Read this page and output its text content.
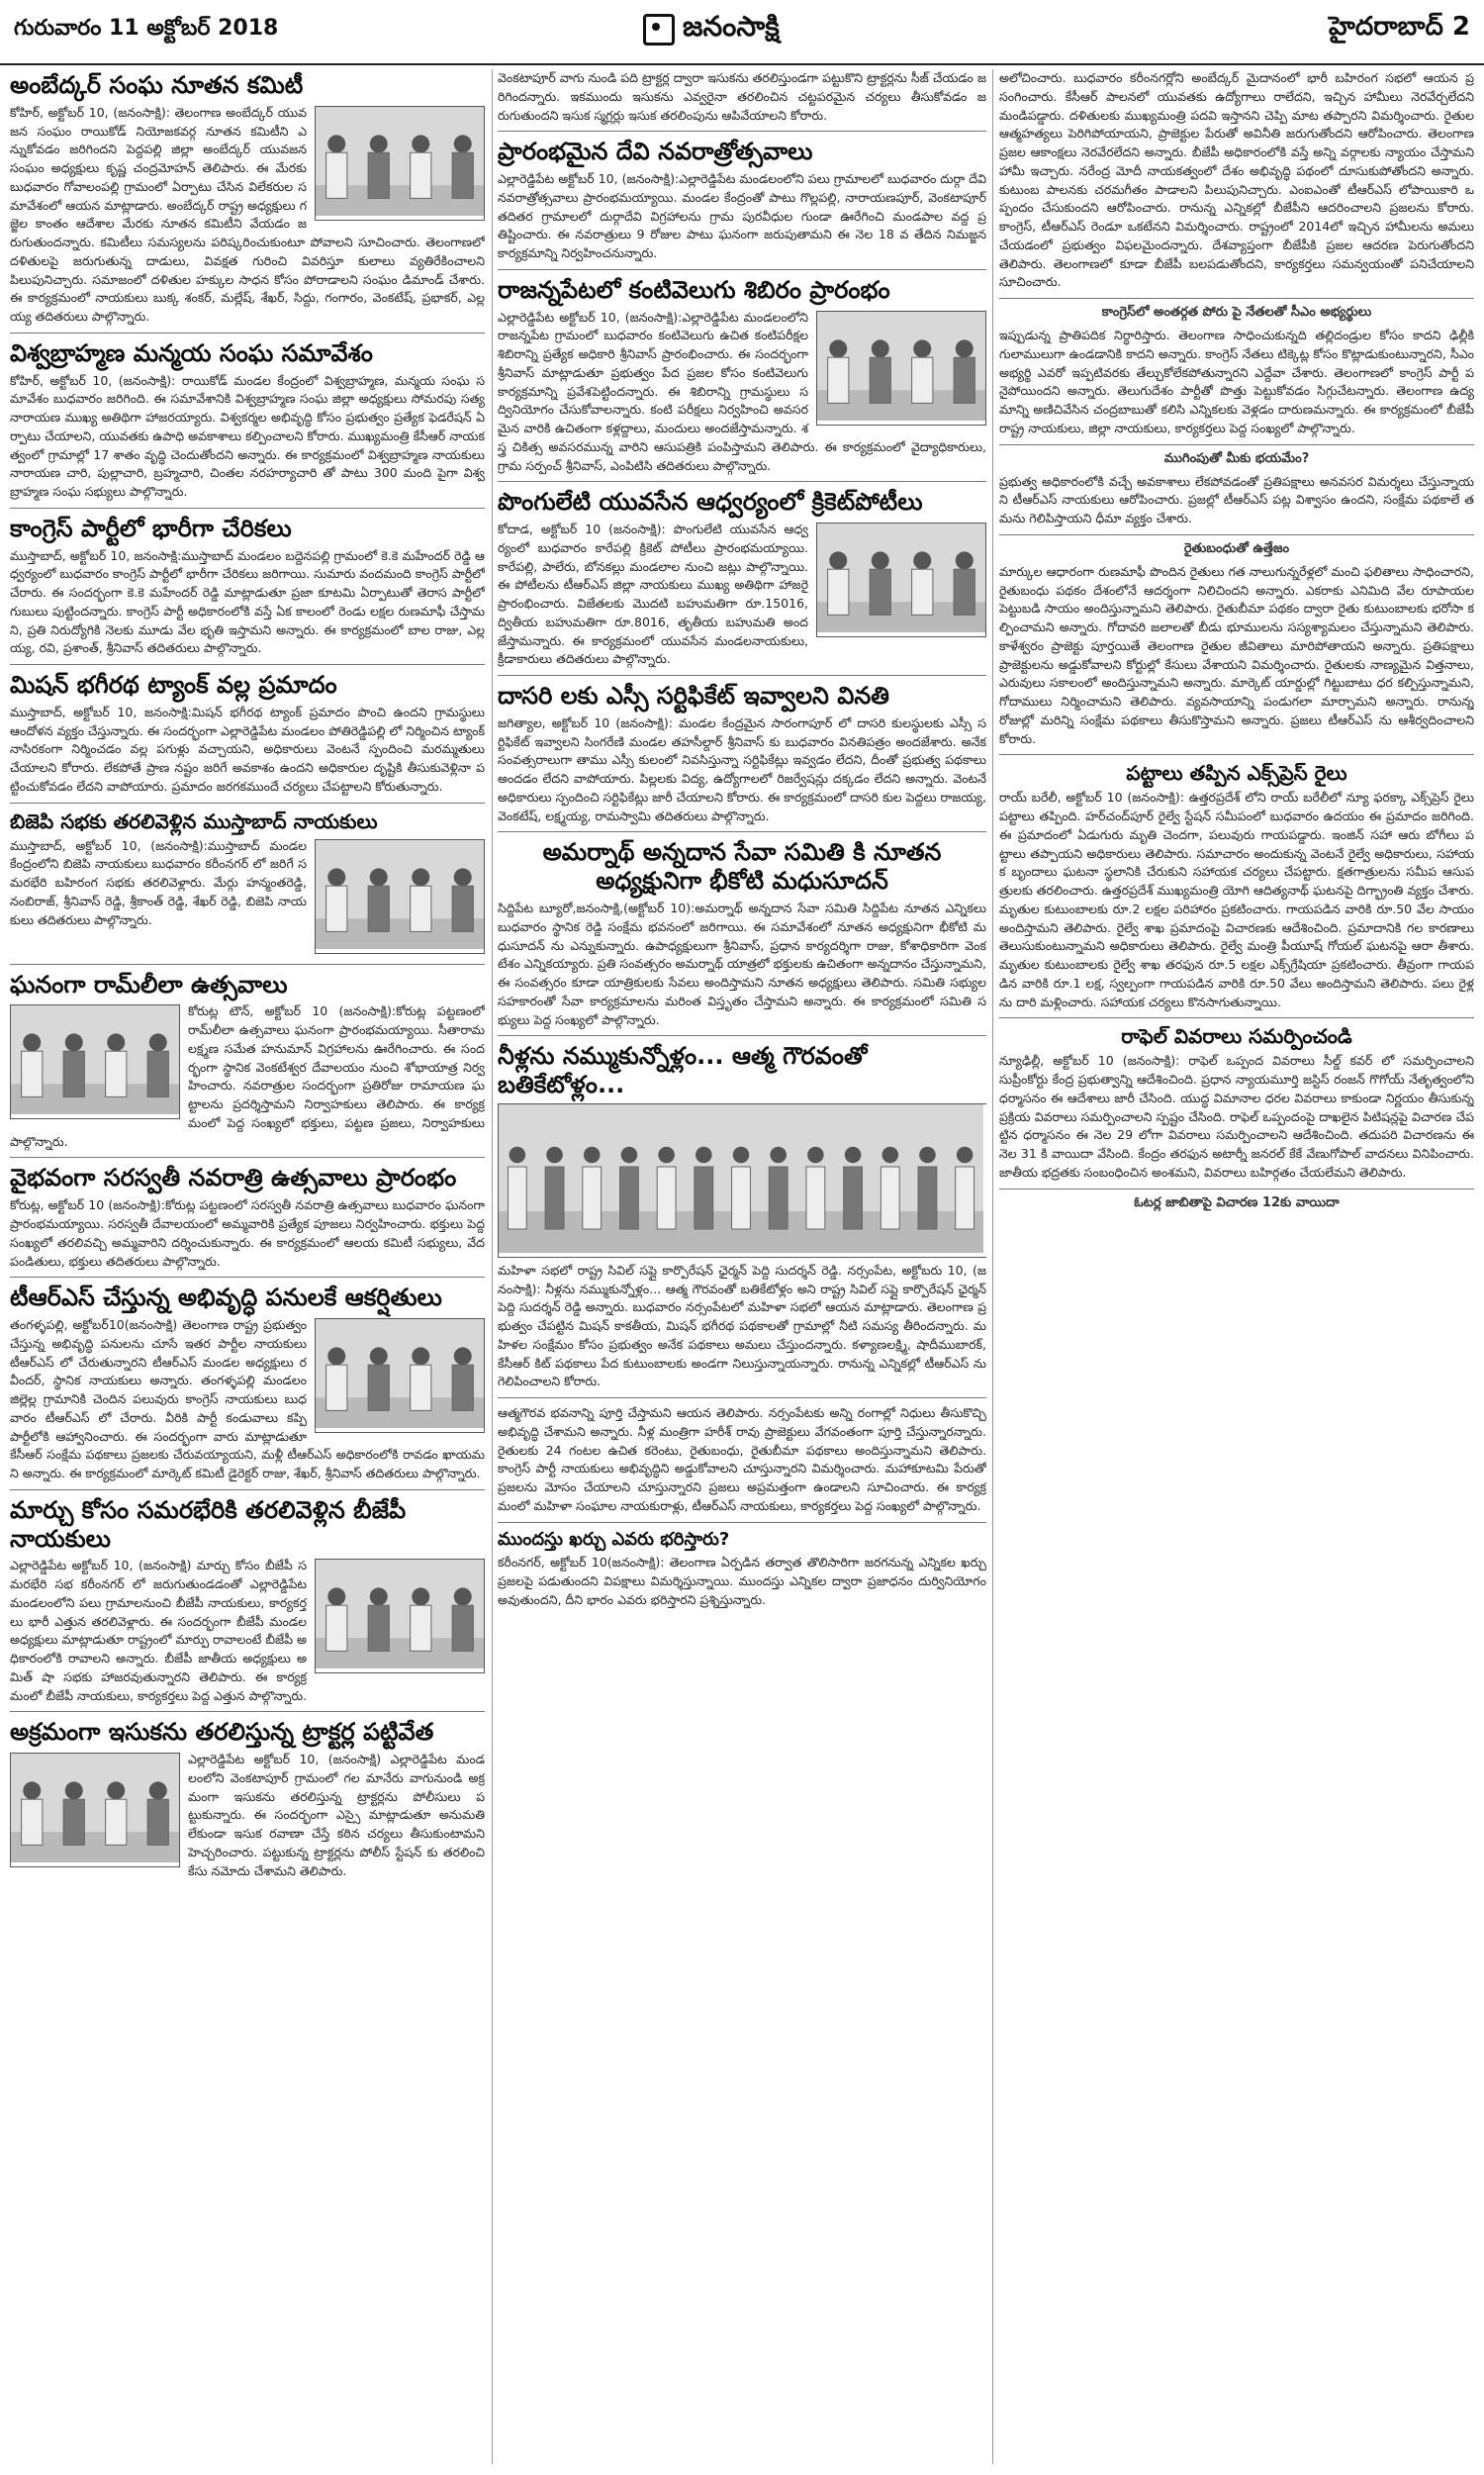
గురువారం 11 అక్టోబర్ 2018	జనంసాక్షి	హైదరాబాద్ 2
అంబేద్కర్ సంఘ నూతన కమిటీ
కోహిర్, అక్టోబర్ 10, (జనంసాక్షి): తెలంగాణ అంబేద్కర్ యువజన సంఘం రాయికోడ్ నియోజకవర్గ నూతన కమిటీని ఎన్నుకోవడం జరిగిందని పెద్దపల్లి జిల్లా అంబేద్కర్ యువజన సంఘం అధ్యక్షులు కృష్ణ చంద్రమోహన్ తెలిపారు. ఈ మేరకు బుధవారం గోవాలంపల్లి గ్రామంలో ఏర్పాటు చేసిన విలేకరుల సమావేశంలో ఆయన మాట్లాడారు. అంబేద్కర్ రాష్ట్ర అధ్యక్షులు గజ్జెల కాంతం ఆదేశాల మేరకు నూతన కమిటీని వేయడం జరుగుతుందన్నారు. కమిటీలు సమస్యలను పరిష్కరించుకుంటూ పోవాలని సూచించారు. తెలంగాణలో దళితులపై జరుగుతున్న దాడులు, వివక్షత గురించి వివరిస్తూ కులాలు వ్యతిరేకించాలని పిలుపునిచ్చారు. సమాజంలో దళితుల హక్కుల సాధన కోసం పోరాడాలని సంఘం డిమాండ్ చేశారు. ఈ కార్యక్రమంలో నాయకులు బుక్క శంకర్, మల్లేష్, శేఖర్, సిద్దు, గంగారం, వెంకటేష్, ప్రభాకర్, ఎల్లయ్య తదితరులు పాల్గొన్నారు.
విశ్వబ్రాహ్మణ మన్మయ సంఘ సమావేశం
కోహిర్, అక్టోబర్ 10, (జనంసాక్షి): రాయికోడ్ మండల కేంద్రంలో విశ్వబ్రాహ్మణ, మన్మయ సంఘ సమావేశం బుధవారం జరిగింది. ఈ సమావేశానికి విశ్వబ్రాహ్మణ సంఘ జిల్లా అధ్యక్షులు సోమరపు సత్యనారాయణ ముఖ్య అతిథిగా హాజరయ్యారు. విశ్వకర్మల అభివృద్ధి కోసం ప్రభుత్వం ప్రత్యేక ఫెడరేషన్ ఏర్పాటు చేయాలని, యువతకు ఉపాధి అవకాశాలు కల్పించాలని కోరారు. ముఖ్యమంత్రి కేసీఆర్ నాయకత్వంలో గ్రామాల్లో 17 శాతం వృద్ధి చెందుతోందని అన్నారు. ఈ కార్యక్రమంలో విశ్వబ్రాహ్మణ నాయకులు నారాయణ చారి, పుల్లాచారి, బ్రహ్మచారి, చింతల నరహర్యాచారి తో పాటు 300 మంది పైగా విశ్వబ్రాహ్మణ సంఘ సభ్యులు పాల్గొన్నారు.
కాంగ్రెస్ పార్టీలో భారీగా చేరికలు
ముస్తాబాద్, అక్టోబర్ 10, జనంసాక్షి:ముస్తాబాద్ మండలం బద్దెనపల్లి గ్రామంలో కె.కె మహేందర్ రెడ్డి ఆధ్వర్యంలో బుధవారం కాంగ్రెస్ పార్టీలో భారీగా చేరికలు జరిగాయి. సుమారు వందమంది కాంగ్రెస్ పార్టీలో చేరారు. ఈ సందర్భంగా కె.కె మహేందర్ రెడ్డి మాట్లాడుతూ ప్రజా కూటమి ఏర్పాటుతో తెరాస పార్టీలో గుబులు పుట్టిందన్నారు. కాంగ్రెస్ పార్టీ అధికారంలోకి వస్తే ఏక కాలంలో రెండు లక్షల రుణమాఫీ చేస్తామని, ప్రతి నిరుద్యోగికి నెలకు మూడు వేల భృతి ఇస్తామని అన్నారు. ఈ కార్యక్రమంలో బాల రాజు, ఎల్లయ్య, రవి, ప్రశాంత్, శ్రీనివాస్ తదితరులు పాల్గొన్నారు.
మిషన్ భగీరథ ట్యాంక్ వల్ల ప్రమాదం
ముస్తాబాద్, అక్టోబర్ 10, జనంసాక్షి:మిషన్ భగీరథ ట్యాంక్ ప్రమాదం పొంచి ఉందని గ్రామస్థులు ఆందోళన వ్యక్తం చేస్తున్నారు. ఈ సందర్భంగా ఎల్లారెడ్డిపేట మండలం పోతిరెడ్డిపల్లి లో నిర్మించిన ట్యాంక్ నాసిరకంగా నిర్మించడం వల్ల పగుళ్లు వచ్చాయని, అధికారులు వెంటనే స్పందించి మరమ్మతులు చేయాలని కోరారు. లేకపోతే ప్రాణ నష్టం జరిగే అవకాశం ఉందని అధికారుల దృష్టికి తీసుకువెళ్లినా పట్టించుకోవడం లేదని వాపోయారు. ప్రమాదం జరగకముందే చర్యలు చేపట్టాలని కోరుతున్నారు.
బిజెపి సభకు తరలివెళ్లిన ముస్తాబాద్ నాయకులు
ముస్తాబాద్, అక్టోబర్ 10, (జనంసాక్షి):ముస్తాబాద్ మండల కేంద్రంలోని బిజెపి నాయకులు బుధవారం కరీంనగర్ లో జరిగే సమరభేరి బహిరంగ సభకు తరలివెళ్లారు. మేర్గు హన్మంతరెడ్డి, నంబిరాజ్, శ్రీనివాస్ రెడ్డి, శ్రీకాంత్ రెడ్డి, శేఖర్ రెడ్డి, బిజెపి నాయకులు తదితరులు పాల్గొన్నారు.
ఘనంగా రామ్‌లీలా ఉత్సవాలు
కోరుట్ల టౌన్, అక్టోబర్ 10 (జనంసాక్షి):కోరుట్ల పట్టణంలో రామ్‌లీలా ఉత్సవాలు ఘనంగా ప్రారంభమయ్యాయి. సీతారామ లక్ష్మణ సమేత హనుమాన్ విగ్రహాలను ఊరేగించారు. ఈ సందర్భంగా స్థానిక వెంకటేశ్వర దేవాలయం నుంచి శోభాయాత్ర నిర్వహించారు. నవరాత్రుల సందర్భంగా ప్రతిరోజు రామాయణ ఘట్టాలను ప్రదర్శిస్తామని నిర్వాహకులు తెలిపారు. ఈ కార్యక్రమంలో పెద్ద సంఖ్యలో భక్తులు, పట్టణ ప్రజలు, నిర్వాహకులు పాల్గొన్నారు.
వైభవంగా సరస్వతీ నవరాత్రి ఉత్సవాలు ప్రారంభం
కోరుట్ల, అక్టోబర్ 10 (జనంసాక్షి):కోరుట్ల పట్టణంలో సరస్వతీ నవరాత్రి ఉత్సవాలు బుధవారం ఘనంగా ప్రారంభమయ్యాయి. సరస్వతీ దేవాలయంలో అమ్మవారికి ప్రత్యేక పూజలు నిర్వహించారు. భక్తులు పెద్ద సంఖ్యలో తరలివచ్చి అమ్మవారిని దర్శించుకున్నారు. ఈ కార్యక్రమంలో ఆలయ కమిటీ సభ్యులు, వేద పండితులు, భక్తులు తదితరులు పాల్గొన్నారు.
టీఆర్ఎస్ చేస్తున్న అభివృద్ధి పనులకే ఆకర్షితులు
తంగళ్ళపల్లి, అక్టోబర్10(జనంసాక్షి) తెలంగాణ రాష్ట్ర ప్రభుత్వం చేస్తున్న అభివృద్ధి పనులను చూసే ఇతర పార్టీల నాయకులు టీఆర్ఎస్ లో చేరుతున్నారని టీఆర్ఎస్ మండల అధ్యక్షులు రవీందర్, స్థానిక నాయకులు అన్నారు. తంగళ్ళపల్లి మండలం జిల్లెల్ల గ్రామానికి చెందిన పలువురు కాంగ్రెస్ నాయకులు బుధవారం టీఆర్ఎస్ లో చేరారు. వీరికి పార్టీ కండువాలు కప్పి పార్టీలోకి ఆహ్వానించారు. ఈ సందర్భంగా వారు మాట్లాడుతూ కేసీఆర్ సంక్షేమ పథకాలు ప్రజలకు చేరువయ్యాయని, మళ్లీ టీఆర్ఎస్ అధికారంలోకి రావడం ఖాయమని అన్నారు. ఈ కార్యక్రమంలో మార్కెట్ కమిటీ డైరెక్టర్ రాజు, శేఖర్, శ్రీనివాస్ తదితరులు పాల్గొన్నారు.
మార్చు కోసం సమరభేరికి తరలివెళ్లిన బీజేపీ నాయకులు
ఎల్లారెడ్డిపేట అక్టోబర్ 10, (జనంసాక్షి) మార్చు కోసం బీజేపీ సమరభేరి సభ కరీంనగర్ లో జరుగుతుండడంతో ఎల్లారెడ్డిపేట మండలంలోని పలు గ్రామాలనుంచి బీజేపీ నాయకులు, కార్యకర్తలు భారీ ఎత్తున తరలివెళ్లారు. ఈ సందర్భంగా బీజేపీ మండల అధ్యక్షులు మాట్లాడుతూ రాష్ట్రంలో మార్పు రావాలంటే బీజేపీ అధికారంలోకి రావాలని అన్నారు. బీజేపీ జాతీయ అధ్యక్షులు అమిత్ షా సభకు హాజరవుతున్నారని తెలిపారు. ఈ కార్యక్రమంలో బీజేపీ నాయకులు, కార్యకర్తలు పెద్ద ఎత్తున పాల్గొన్నారు.
అక్రమంగా ఇసుకను తరలిస్తున్న ట్రాక్టర్ల పట్టివేత
ఎల్లారెడ్డిపేట అక్టోబర్ 10, (జనంసాక్షి) ఎల్లారెడ్డిపేట మండలంలోని వెంకటాపూర్ గ్రామంలో గల మానేరు వాగునుండి అక్రమంగా ఇసుకను తరలిస్తున్న ట్రాక్టర్లను పోలీసులు పట్టుకున్నారు. ఈ సందర్భంగా ఎస్సై మాట్లాడుతూ అనుమతి లేకుండా ఇసుక రవాణా చేస్తే కఠిన చర్యలు తీసుకుంటామని హెచ్చరించారు. పట్టుకున్న ట్రాక్టర్లను పోలీస్ స్టేషన్ కు తరలించి కేసు నమోదు చేశామని తెలిపారు.
వెంకటాపూర్ వాగు నుండి పది ట్రాక్టర్ల ద్వారా ఇసుకను తరలిస్తుండగా పట్టుకొని ట్రాక్టర్లను సీజ్ చేయడం జరిగిందన్నారు. ఇకముందు ఇసుకను ఎవ్వరైనా తరలించిన చట్టపరమైన చర్యలు తీసుకోవడం జరుగుతుందని ఇసుక స్మగ్లర్లు ఇసుక తరలింపును ఆపివేయాలని కోరారు.
ప్రారంభమైన దేవి నవరాత్రోత్సవాలు
ఎల్లారెడ్డిపేట అక్టోబర్ 10, (జనంసాక్షి):ఎల్లారెడ్డిపేట మండలంలోని పలు గ్రామాలలో బుధవారం దుర్గా దేవి నవరాత్రోత్సవాలు ప్రారంభమయ్యాయి. మండల కేంద్రంతో పాటు గొల్లపల్లి, నారాయణపూర్, వెంకటాపూర్ తదితర గ్రామాలలో దుర్గాదేవి విగ్రహాలను గ్రామ పురవీధుల గుండా ఊరేగించి మండపాల వద్ద ప్రతిష్టించారు. ఈ నవరాత్రులు 9 రోజుల పాటు ఘనంగా జరుపుతామని ఈ నెల 18 వ తేదిన నిమజ్జన కార్యక్రమాన్ని నిర్వహించనున్నారు.
రాజన్నపేటలో కంటివెలుగు శిబిరం ప్రారంభం
ఎల్లారెడ్డిపేట అక్టోబర్ 10, (జనంసాక్షి):ఎల్లారెడ్డిపేట మండలంలోని రాజన్నపేట గ్రామంలో బుధవారం కంటివెలుగు ఉచిత కంటిపరీక్షల శిబిరాన్ని ప్రత్యేక అధికారి శ్రీనివాస్ ప్రారంభించారు. ఈ సందర్భంగా శ్రీనివాస్ మాట్లాడుతూ ప్రభుత్వం పేద ప్రజల కోసం కంటివెలుగు కార్యక్రమాన్ని ప్రవేశపెట్టిందన్నారు. ఈ శిబిరాన్ని గ్రామస్థులు సద్వినియోగం చేసుకోవాలన్నారు. కంటి పరీక్షలు నిర్వహించి అవసరమైన వారికి ఉచితంగా కళ్లద్దాలు, మందులు అందజేస్తామన్నారు. శస్త్ర చికిత్స అవసరమున్న వారిని ఆసుపత్రికి పంపిస్తామని తెలిపారు. ఈ కార్యక్రమంలో వైద్యాధికారులు, గ్రామ సర్పంచ్ శ్రీనివాస్, ఎంపిటిసి తదితరులు పాల్గొన్నారు.
పొంగులేటి యువసేన ఆధ్వర్యంలో క్రికెట్‌పోటీలు
కోదాడ, అక్టోబర్ 10 (జనంసాక్షి): పొంగులేటి యువసేన ఆధ్వర్యంలో బుధవారం కారేపల్లి క్రికెట్ పోటీలు ప్రారంభమయ్యాయి. కారేపల్లి, పాలేరు, బోనకల్లు మండలాల నుంచి జట్లు పాల్గొన్నాయి. ఈ పోటీలను టీఆర్ఎస్ జిల్లా నాయకులు ముఖ్య అతిథిగా హాజరై ప్రారంభించారు. విజేతలకు మొదటి బహుమతిగా రూ.15016, ద్వితీయ బహుమతిగా రూ.8016, తృతీయ బహుమతి అందజేస్తామన్నారు. ఈ కార్యక్రమంలో యువసేన మండలనాయకులు, క్రీడాకారులు తదితరులు పాల్గొన్నారు.
దాసరి లకు ఎస్సీ సర్టిఫికేట్ ఇవ్వాలని వినతి
జగిత్యాల, అక్టోబర్ 10 (జనంసాక్షి): మండల కేంద్రమైన సారంగాపూర్ లో దాసరి కులస్థులకు ఎస్సీ సర్టిఫికేట్ ఇవ్వాలని సింగరేణి మండల తహసీల్దార్ శ్రీనివాస్ కు బుధవారం వినతిపత్రం అందజేశారు. అనేక సంవత్సరాలుగా తాము ఎస్సీ కులంలో నివసిస్తున్నా సర్టిఫికేట్లు ఇవ్వడం లేదని, దీంతో ప్రభుత్వ పథకాలు అందడం లేదని వాపోయారు. పిల్లలకు విద్య, ఉద్యోగాలలో రిజర్వేషన్లు దక్కడం లేదని అన్నారు. వెంటనే అధికారులు స్పందించి సర్టిఫికేట్లు జారీ చేయాలని కోరారు. ఈ కార్యక్రమంలో దాసరి కుల పెద్దలు రాజయ్య, వెంకటేష్, లక్ష్మయ్య, రామస్వామి తదితరులు పాల్గొన్నారు.
అమర్నాథ్ అన్నదాన సేవా సమితి కి నూతన అధ్యక్షునిగా భీకోటి మధుసూదన్
సిద్దిపేట బ్యూరో,జనంసాక్షి,(అక్టోబర్ 10):అమర్నాథ్ అన్నదాన సేవా సమితి సిద్దిపేట నూతన ఎన్నికలు బుధవారం స్థానిక రెడ్డి సంక్షేమ భవనంలో జరిగాయి. ఈ సమావేశంలో నూతన అధ్యక్షునిగా భీకోటి మధుసూదన్ ను ఎన్నుకున్నారు. ఉపాధ్యక్షులుగా శ్రీనివాస్, ప్రధాన కార్యదర్శిగా రాజు, కోశాధికారిగా వెంకటేశం ఎన్నికయ్యారు. ప్రతి సంవత్సరం అమర్నాథ్ యాత్రలో భక్తులకు ఉచితంగా అన్నదానం చేస్తున్నామని, ఈ సంవత్సరం కూడా యాత్రికులకు సేవలు అందిస్తామని నూతన అధ్యక్షులు తెలిపారు. సమితి సభ్యుల సహకారంతో సేవా కార్యక్రమాలను మరింత విస్తృతం చేస్తామని అన్నారు. ఈ కార్యక్రమంలో సమితి సభ్యులు పెద్ద సంఖ్యలో పాల్గొన్నారు.
నీళ్లను నమ్ముకున్నోళ్లం... ఆత్మ గౌరవంతో బతికేటోళ్లం...
మహిళా సభలో రాష్ట్ర సివిల్ సప్లై కార్పొరేషన్ ఛైర్మన్ పెద్ది సుదర్శన్ రెడ్డి. నర్సంపేట, అక్టోబరు 10, (జనంసాక్షి): నీళ్లను నమ్ముకున్నోళ్లం... ఆత్మ గౌరవంతో బతికేటోళ్లం అని రాష్ట్ర సివిల్ సప్లై కార్పొరేషన్ ఛైర్మన్ పెద్ది సుదర్శన్ రెడ్డి అన్నారు. బుధవారం నర్సంపేటలో మహిళా సభలో ఆయన మాట్లాడారు. తెలంగాణ ప్రభుత్వం చేపట్టిన మిషన్ కాకతీయ, మిషన్ భగీరథ పథకాలతో గ్రామాల్లో నీటి సమస్య తీరిందన్నారు. మహిళల సంక్షేమం కోసం ప్రభుత్వం అనేక పథకాలు అమలు చేస్తుందన్నారు. కళ్యాణలక్ష్మి, షాదీముబారక్, కేసీఆర్ కిట్ పథకాలు పేద కుటుంబాలకు అండగా నిలుస్తున్నాయన్నారు. రానున్న ఎన్నికల్లో టీఆర్ఎస్ ను గెలిపించాలని కోరారు.
ఆత్మగౌరవ భవనాన్ని పూర్తి చేస్తామని ఆయన తెలిపారు. నర్సంపేటకు అన్ని రంగాల్లో నిధులు తీసుకొచ్చి అభివృద్ధి చేశామని అన్నారు. నీళ్ల మంత్రిగా హరీశ్ రావు ప్రాజెక్టులు వేగవంతంగా పూర్తి చేస్తున్నారన్నారు. రైతులకు 24 గంటల ఉచిత కరెంటు, రైతుబంధు, రైతుబీమా పథకాలు అందిస్తున్నామని తెలిపారు. కాంగ్రెస్ పార్టీ నాయకులు అభివృద్ధిని అడ్డుకోవాలని చూస్తున్నారని విమర్శించారు. మహాకూటమి పేరుతో ప్రజలను మోసం చేయాలని చూస్తున్నారని ప్రజలు అప్రమత్తంగా ఉండాలని సూచించారు. ఈ కార్యక్రమంలో మహిళా సంఘాల నాయకురాళ్లు, టీఆర్ఎస్ నాయకులు, కార్యకర్తలు పెద్ద సంఖ్యలో పాల్గొన్నారు.
ముందస్తు ఖర్చు ఎవరు భరిస్తారు?
కరీంనగర్, అక్టోబర్ 10(జనంసాక్షి): తెలంగాణ ఏర్పడిన తర్వాత తొలిసారిగా జరగనున్న ఎన్నికల ఖర్చు ప్రజలపై పడుతుందని విపక్షాలు విమర్శిస్తున్నాయి. ముందస్తు ఎన్నికల ద్వారా ప్రజాధనం దుర్వినియోగం అవుతుందని, దీని భారం ఎవరు భరిస్తారని ప్రశ్నిస్తున్నారు.
అలోచించారు. బుధవారం కరీంనగర్లోని అంబేద్కర్ మైదానంలో భారీ బహిరంగ సభలో ఆయన ప్రసంగించారు. కేసీఆర్ పాలనలో యువతకు ఉద్యోగాలు రాలేదని, ఇచ్చిన హామీలు నెరవేర్చలేదని మండిపడ్డారు. దళితులకు ముఖ్యమంత్రి పదవి ఇస్తానని చెప్పి మాట తప్పారని విమర్శించారు. రైతుల ఆత్మహత్యలు పెరిగిపోయాయని, ప్రాజెక్టుల పేరుతో అవినీతి జరుగుతోందని ఆరోపించారు. తెలంగాణ ప్రజల ఆకాంక్షలు నెరవేరలేదని అన్నారు. బీజేపీ అధికారంలోకి వస్తే అన్ని వర్గాలకు న్యాయం చేస్తామని హామీ ఇచ్చారు. నరేంద్ర మోదీ నాయకత్వంలో దేశం అభివృద్ధి పథంలో దూసుకుపోతోందని అన్నారు. కుటుంబ పాలనకు చరమగీతం పాడాలని పిలుపునిచ్చారు. ఎంఐఎంతో టీఆర్ఎస్ లోపాయికారి ఒప్పందం చేసుకుందని ఆరోపించారు. రానున్న ఎన్నికల్లో బీజేపీని ఆదరించాలని ప్రజలను కోరారు. కాంగ్రెస్, టీఆర్ఎస్ రెండూ ఒకటేనని విమర్శించారు. రాష్ట్రంలో 2014లో ఇచ్చిన హామీలను అమలు చేయడంలో ప్రభుత్వం విఫలమైందన్నారు. దేశవ్యాప్తంగా బీజేపీకి ప్రజల ఆదరణ పెరుగుతోందని తెలిపారు. తెలంగాణలో కూడా బీజేపీ బలపడుతోందని, కార్యకర్తలు సమన్వయంతో పనిచేయాలని సూచించారు.
కాంగ్రెస్‌లో అంతర్గత పోరు పై నేతలతో సీఎం అభ్యర్థులు
ఇప్పుడున్న ప్రాతిపదిక నిర్ధారిస్తారు. తెలంగాణ సాధించుకున్నది తల్లిదండ్రుల కోసం కాదని ఢిల్లీకి గులాములుగా ఉండడానికి కాదని అన్నారు. కాంగ్రెస్ నేతలు టిక్కెట్ల కోసం కొట్లాడుకుంటున్నారని, సీఎం అభ్యర్థి ఎవరో ఇప్పటివరకు తేల్చుకోలేకపోతున్నారని ఎద్దేవా చేశారు. తెలంగాణలో కాంగ్రెస్ పార్టీ పనైపోయిందని అన్నారు. తెలుగుదేశం పార్టీతో పొత్తు పెట్టుకోవడం సిగ్గుచేటన్నారు. తెలంగాణ ఉద్యమాన్ని అణిచివేసిన చంద్రబాబుతో కలిసి ఎన్నికలకు వెళ్లడం దారుణమన్నారు. ఈ కార్యక్రమంలో బీజేపీ రాష్ట్ర నాయకులు, జిల్లా నాయకులు, కార్యకర్తలు పెద్ద సంఖ్యలో పాల్గొన్నారు.
ముగింపుతో మీకు భయమేం?
ప్రభుత్వ అధికారంలోకి వచ్చే అవకాశాలు లేకపోవడంతో ప్రతిపక్షాలు అనవసర విమర్శలు చేస్తున్నాయని టీఆర్ఎస్ నాయకులు ఆరోపించారు. ప్రజల్లో టీఆర్ఎస్ పట్ల విశ్వాసం ఉందని, సంక్షేమ పథకాలే తమను గెలిపిస్తాయని ధీమా వ్యక్తం చేశారు.
రైతుబంధుతో ఉత్తేజం
మార్కుల ఆధారంగా రుణమాఫీ పొందిన రైతులు గత నాలుగున్నరేళ్లలో మంచి ఫలితాలు సాధించారని, రైతుబంధు పథకం దేశంలోనే ఆదర్శంగా నిలిచిందని అన్నారు. ఎకరాకు ఎనిమిది వేల రూపాయల పెట్టుబడి సాయం అందిస్తున్నామని తెలిపారు. రైతుబీమా పథకం ద్వారా రైతు కుటుంబాలకు భరోసా కల్పించామని అన్నారు. గోదావరి జలాలతో బీడు భూములను సస్యశ్యామలం చేస్తున్నామని తెలిపారు. కాళేశ్వరం ప్రాజెక్టు పూర్తయితే తెలంగాణ రైతుల జీవితాలు మారిపోతాయని అన్నారు. ప్రతిపక్షాలు ప్రాజెక్టులను అడ్డుకోవాలని కోర్టుల్లో కేసులు వేశాయని విమర్శించారు. రైతులకు నాణ్యమైన విత్తనాలు, ఎరువులు సకాలంలో అందిస్తున్నామని అన్నారు. మార్కెట్ యార్డుల్లో గిట్టుబాటు ధర కల్పిస్తున్నామని, గోదాములు నిర్మించామని తెలిపారు. వ్యవసాయాన్ని పండుగలా మార్చామని అన్నారు. రానున్న రోజుల్లో మరిన్ని సంక్షేమ పథకాలు తీసుకొస్తామని అన్నారు. ప్రజలు టీఆర్ఎస్ ను ఆశీర్వదించాలని కోరారు.
పట్టాలు తప్పిన ఎక్స్‌ప్రెస్ రైలు
రాయ్ బరేలీ, అక్టోబర్ 10 (జనంసాక్షి): ఉత్తరప్రదేశ్ లోని రాయ్ బరేలీలో న్యూ ఫరక్కా ఎక్స్‌ప్రెస్ రైలు పట్టాలు తప్పింది. హర్‌చంద్‌పూర్ రైల్వే స్టేషన్ సమీపంలో బుధవారం ఉదయం ఈ ప్రమాదం జరిగింది. ఈ ప్రమాదంలో ఏడుగురు మృతి చెందగా, పలువురు గాయపడ్డారు. ఇంజిన్ సహా ఆరు బోగీలు పట్టాలు తప్పాయని అధికారులు తెలిపారు. సమాచారం అందుకున్న వెంటనే రైల్వే అధికారులు, సహాయక బృందాలు ఘటనా స్థలానికి చేరుకుని సహాయక చర్యలు చేపట్టారు. క్షతగాత్రులను సమీప ఆసుపత్రులకు తరలించారు. ఉత్తరప్రదేశ్ ముఖ్యమంత్రి యోగి ఆదిత్యనాథ్ ఘటనపై దిగ్భ్రాంతి వ్యక్తం చేశారు. మృతుల కుటుంబాలకు రూ.2 లక్షల పరిహారం ప్రకటించారు. గాయపడిన వారికి రూ.50 వేల సాయం అందిస్తామని తెలిపారు. రైల్వే శాఖ ప్రమాదంపై విచారణకు ఆదేశించింది. ప్రమాదానికి గల కారణాలు తెలుసుకుంటున్నామని అధికారులు తెలిపారు. రైల్వే మంత్రి పీయూష్ గోయల్ ఘటనపై ఆరా తీశారు. మృతుల కుటుంబాలకు రైల్వే శాఖ తరఫున రూ.5 లక్షల ఎక్స్‌గ్రేషియా ప్రకటించారు. తీవ్రంగా గాయపడిన వారికి రూ.1 లక్ష, స్వల్పంగా గాయపడిన వారికి రూ.50 వేలు అందిస్తామని తెలిపారు. పలు రైళ్లను దారి మళ్లించారు. సహాయక చర్యలు కొనసాగుతున్నాయి.
రాఫెల్ వివరాలు సమర్పించండి
న్యూఢిల్లీ, అక్టోబర్ 10 (జనంసాక్షి): రాఫెల్ ఒప్పంద వివరాలు సీల్డ్ కవర్ లో సమర్పించాలని సుప్రీంకోర్టు కేంద్ర ప్రభుత్వాన్ని ఆదేశించింది. ప్రధాన న్యాయమూర్తి జస్టిస్ రంజన్ గొగోయ్ నేతృత్వంలోని ధర్మాసనం ఈ ఆదేశాలు జారీ చేసింది. యుద్ధ విమానాల ధరల వివరాలు కాకుండా నిర్ణయం తీసుకున్న ప్రక్రియ వివరాలు సమర్పించాలని స్పష్టం చేసింది. రాఫెల్ ఒప్పందంపై దాఖలైన పిటిషన్లపై విచారణ చేపట్టిన ధర్మాసనం ఈ నెల 29 లోగా వివరాలు సమర్పించాలని ఆదేశించింది. తదుపరి విచారణను ఈ నెల 31 కి వాయిదా వేసింది. కేంద్రం తరఫున అటార్నీ జనరల్ కేకే వేణుగోపాల్ వాదనలు వినిపించారు. జాతీయ భద్రతకు సంబంధించిన అంశమని, వివరాలు బహిర్గతం చేయలేమని తెలిపారు.
ఓటర్ల జాబితాపై విచారణ 12కు వాయిదా
